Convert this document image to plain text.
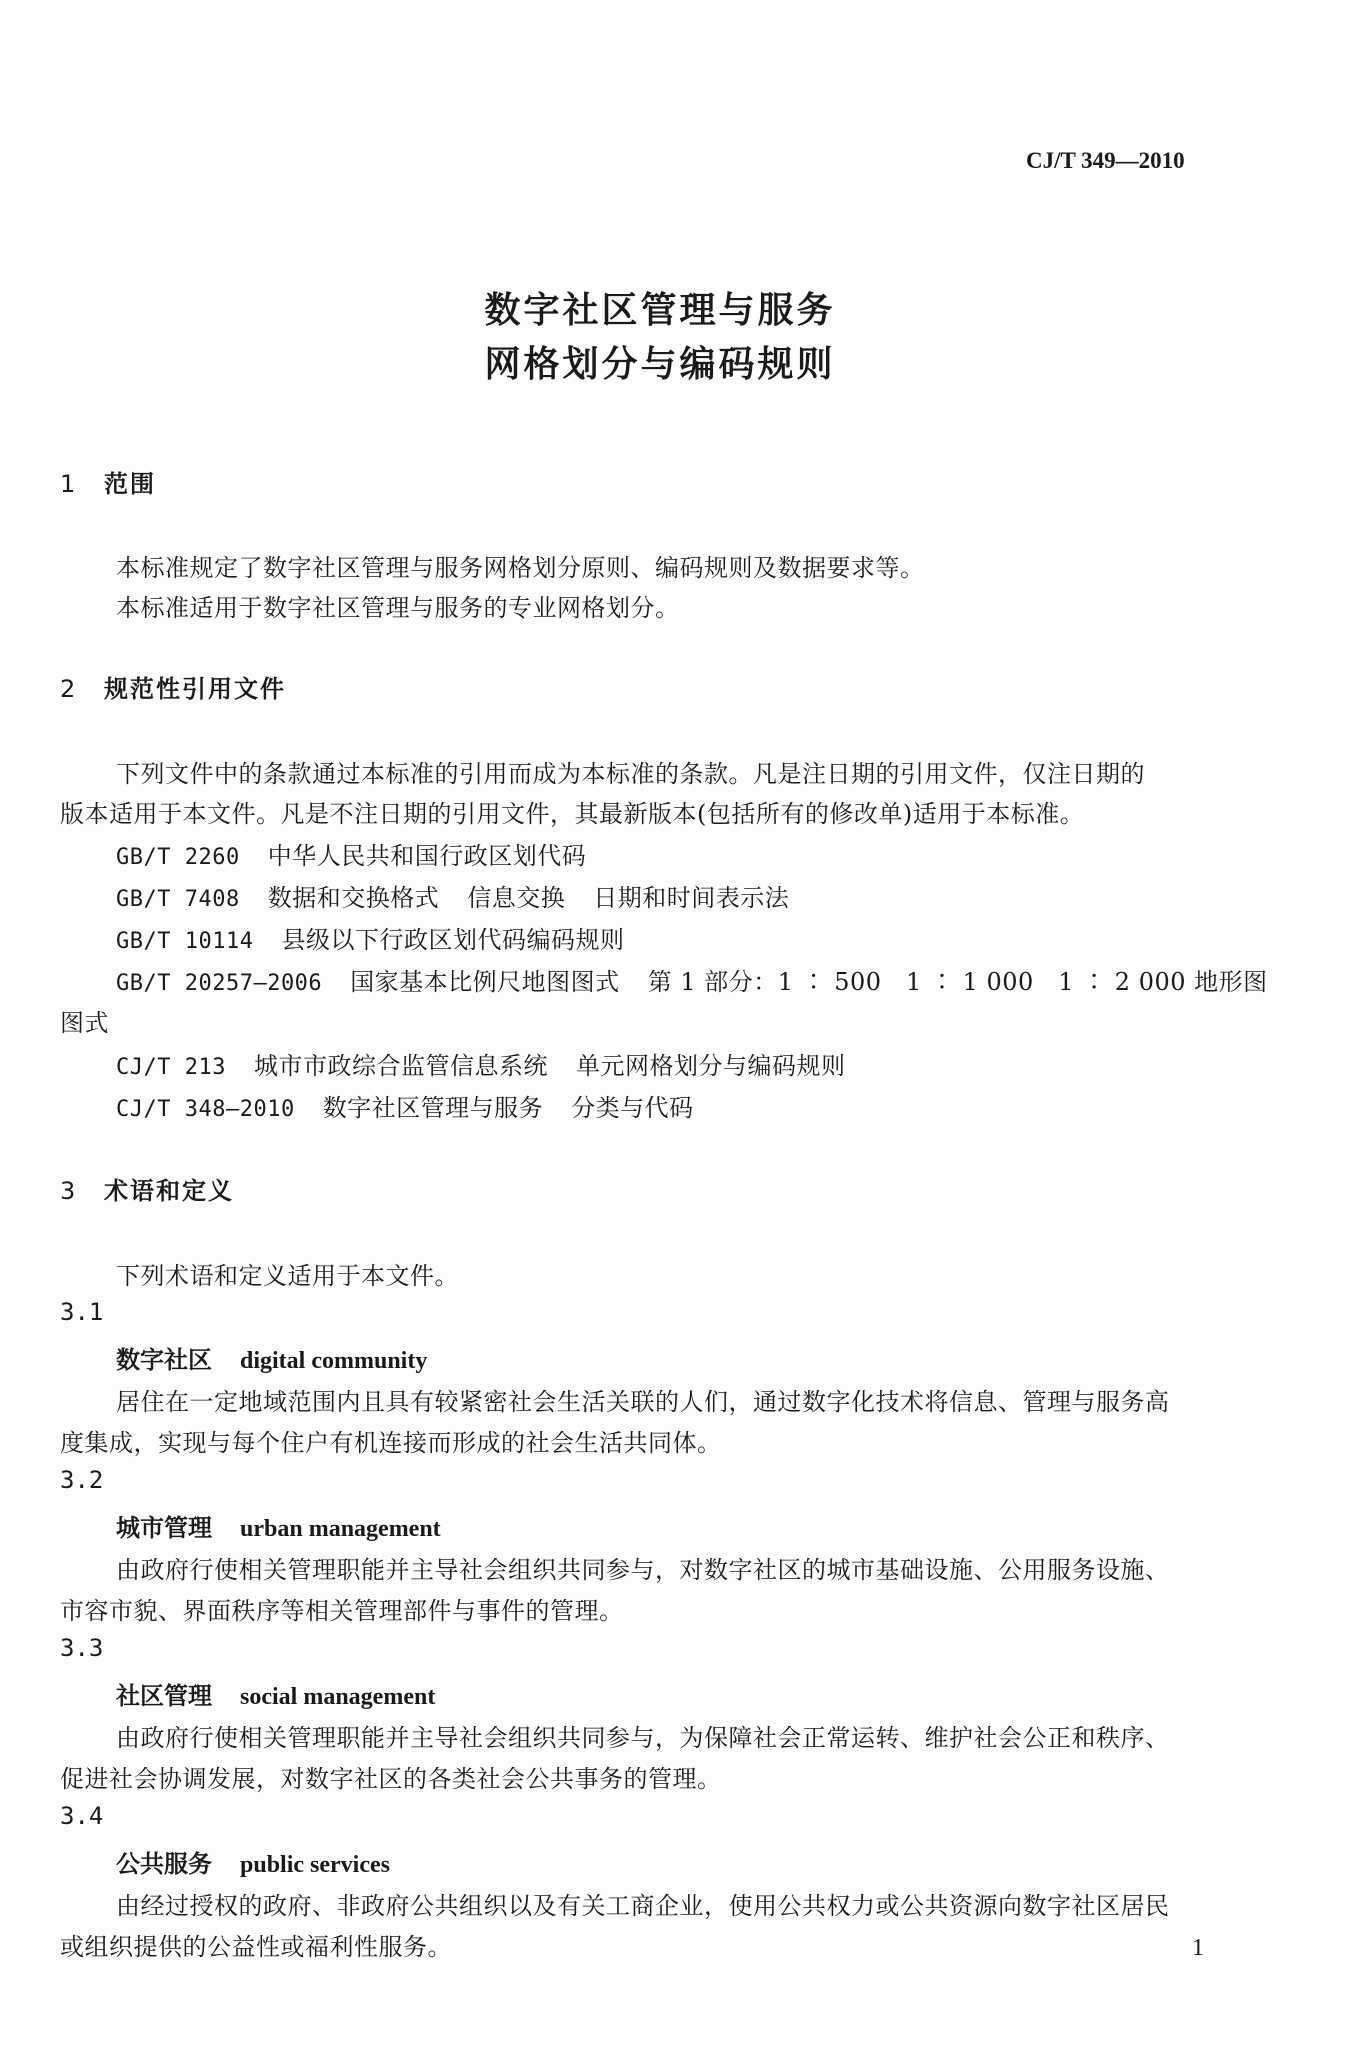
CJ/T 349—2010
数字社区管理与服务
网格划分与编码规则
1 范围
本标准规定了数字社区管理与服务网格划分原则、编码规则及数据要求等。
本标准适用于数字社区管理与服务的专业网格划分。
2 规范性引用文件
下列文件中的条款通过本标准的引用而成为本标准的条款。凡是注日期的引用文件，仅注日期的
版本适用于本文件。凡是不注日期的引用文件，其最新版本(包括所有的修改单)适用于本标准。
GB/T 2260 中华人民共和国行政区划代码
GB/T 7408 数据和交换格式 信息交换 日期和时间表示法
GB/T 10114 县级以下行政区划代码编码规则
GB/T 20257—2006 国家基本比例尺地图图式 第 1 部分：1 ∶ 500　1 ∶ 1 000　1 ∶ 2 000 地形图
图式
CJ/T 213 城市市政综合监管信息系统 单元网格划分与编码规则
CJ/T 348—2010 数字社区管理与服务 分类与代码
3 术语和定义
下列术语和定义适用于本文件。
3.1
数字社区 digital community
居住在一定地域范围内且具有较紧密社会生活关联的人们，通过数字化技术将信息、管理与服务高
度集成，实现与每个住户有机连接而形成的社会生活共同体。
3.2
城市管理 urban management
由政府行使相关管理职能并主导社会组织共同参与，对数字社区的城市基础设施、公用服务设施、
市容市貌、界面秩序等相关管理部件与事件的管理。
3.3
社区管理 social management
由政府行使相关管理职能并主导社会组织共同参与，为保障社会正常运转、维护社会公正和秩序、
促进社会协调发展，对数字社区的各类社会公共事务的管理。
3.4
公共服务 public services
由经过授权的政府、非政府公共组织以及有关工商企业，使用公共权力或公共资源向数字社区居民
或组织提供的公益性或福利性服务。	1
